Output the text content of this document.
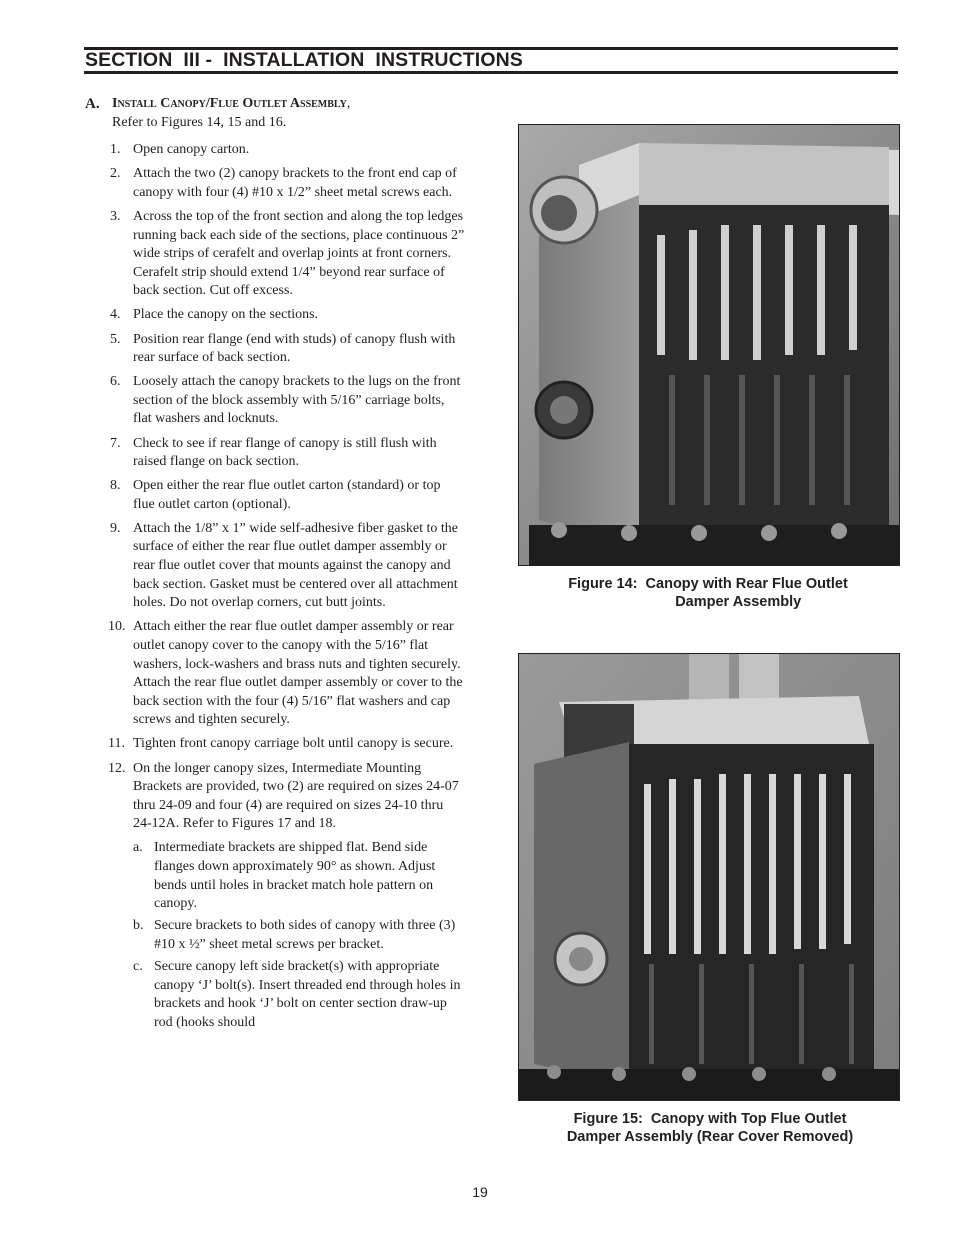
SECTION  III -  INSTALLATION  INSTRUCTIONS
A. Install Canopy/Flue Outlet Assembly,
Refer to Figures 14, 15 and 16.
1. Open canopy carton.
2. Attach the two (2) canopy brackets to the front end cap of canopy with four (4) #10 x 1/2” sheet metal screws each.
3. Across the top of the front section and along the top ledges running back each side of the sections, place continuous 2” wide strips of cerafelt and overlap joints at front corners. Cerafelt strip should extend 1/4” beyond rear surface of back section. Cut off excess.
4. Place the canopy on the sections.
5. Position rear flange (end with studs) of canopy flush with rear surface of back section.
6. Loosely attach the canopy brackets to the lugs on the front section of the block assembly with 5/16” carriage bolts, flat washers and locknuts.
7. Check to see if rear flange of canopy is still flush with raised flange on back section.
8. Open either the rear flue outlet carton (standard) or top flue outlet carton (optional).
9. Attach the 1/8” x 1” wide self-adhesive fiber gasket to the surface of either the rear flue outlet damper assembly or rear flue outlet cover that mounts against the canopy and back section. Gasket must be centered over all attachment holes. Do not overlap corners, cut butt joints.
10. Attach either the rear flue outlet damper assembly or rear outlet canopy cover to the canopy with the 5/16” flat washers, lock-washers and brass nuts and tighten securely. Attach the rear flue outlet damper assembly or cover to the back section with the four (4) 5/16” flat washers and cap screws and tighten securely.
11. Tighten front canopy carriage bolt until canopy is secure.
12. On the longer canopy sizes, Intermediate Mounting Brackets are provided, two (2) are required on sizes 24-07 thru 24-09 and four (4) are required on sizes 24-10 thru 24-12A. Refer to Figures 17 and 18.
a. Intermediate brackets are shipped flat. Bend side flanges down approximately 90° as shown. Adjust bends until holes in bracket match hole pattern on canopy.
b. Secure brackets to both sides of canopy with three (3) #10 x ½” sheet metal screws per bracket.
c. Secure canopy left side bracket(s) with appropriate canopy ‘J’ bolt(s). Insert threaded end through holes in brackets and hook ‘J’ bolt on center section draw-up rod (hooks should
Figure 14:  Canopy with Rear Flue Outlet
Damper Assembly
Figure 15:  Canopy with Top Flue Outlet
Damper Assembly (Rear Cover Removed)
19
